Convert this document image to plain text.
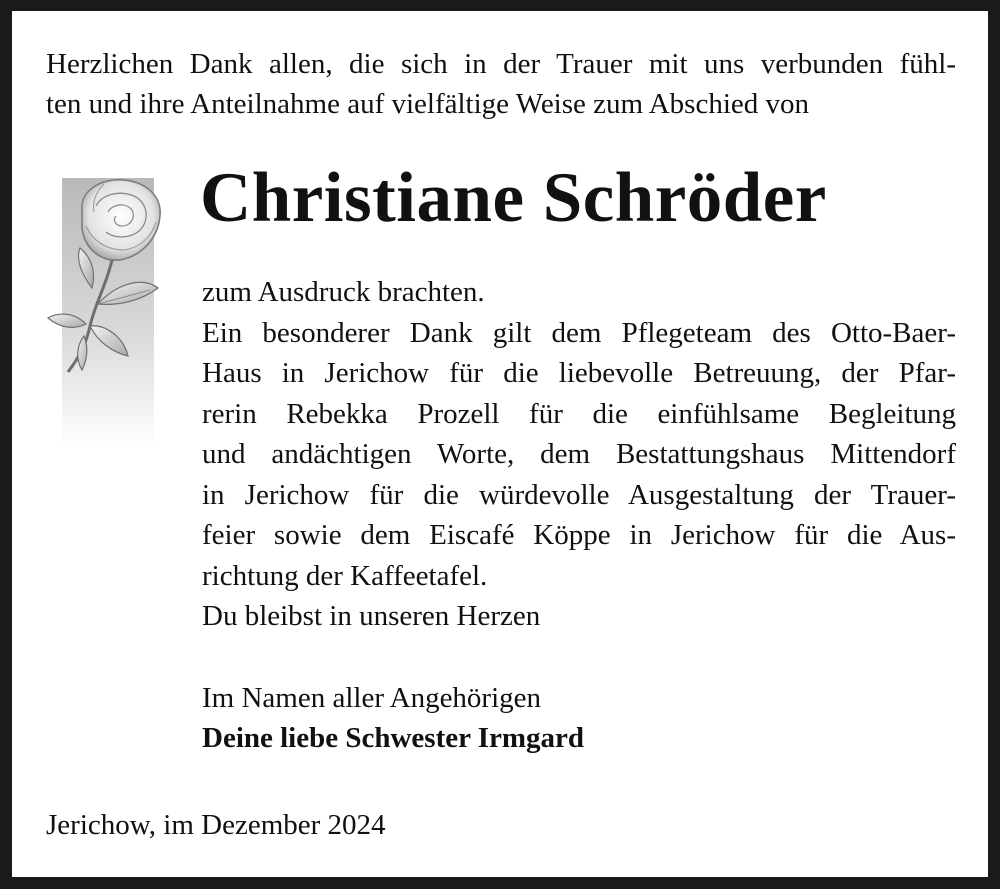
Herzlichen Dank allen, die sich in der Trauer mit uns verbunden fühl-
ten und ihre Anteilnahme auf vielfältige Weise zum Abschied von
Christiane Schröder
zum Ausdruck brachten.
Ein besonderer Dank gilt dem Pflegeteam des Otto-Baer-
Haus in Jerichow für die liebevolle Betreuung, der Pfar-
rerin Rebekka Prozell für die einfühlsame Begleitung
und andächtigen Worte, dem Bestattungshaus Mittendorf
in Jerichow für die würdevolle Ausgestaltung der Trauer-
feier sowie dem Eiscafé Köppe in Jerichow für die Aus-
richtung der Kaffeetafel.
Du bleibst in unseren Herzen
Im Namen aller Angehörigen
Deine liebe Schwester Irmgard
Jerichow, im Dezember 2024
